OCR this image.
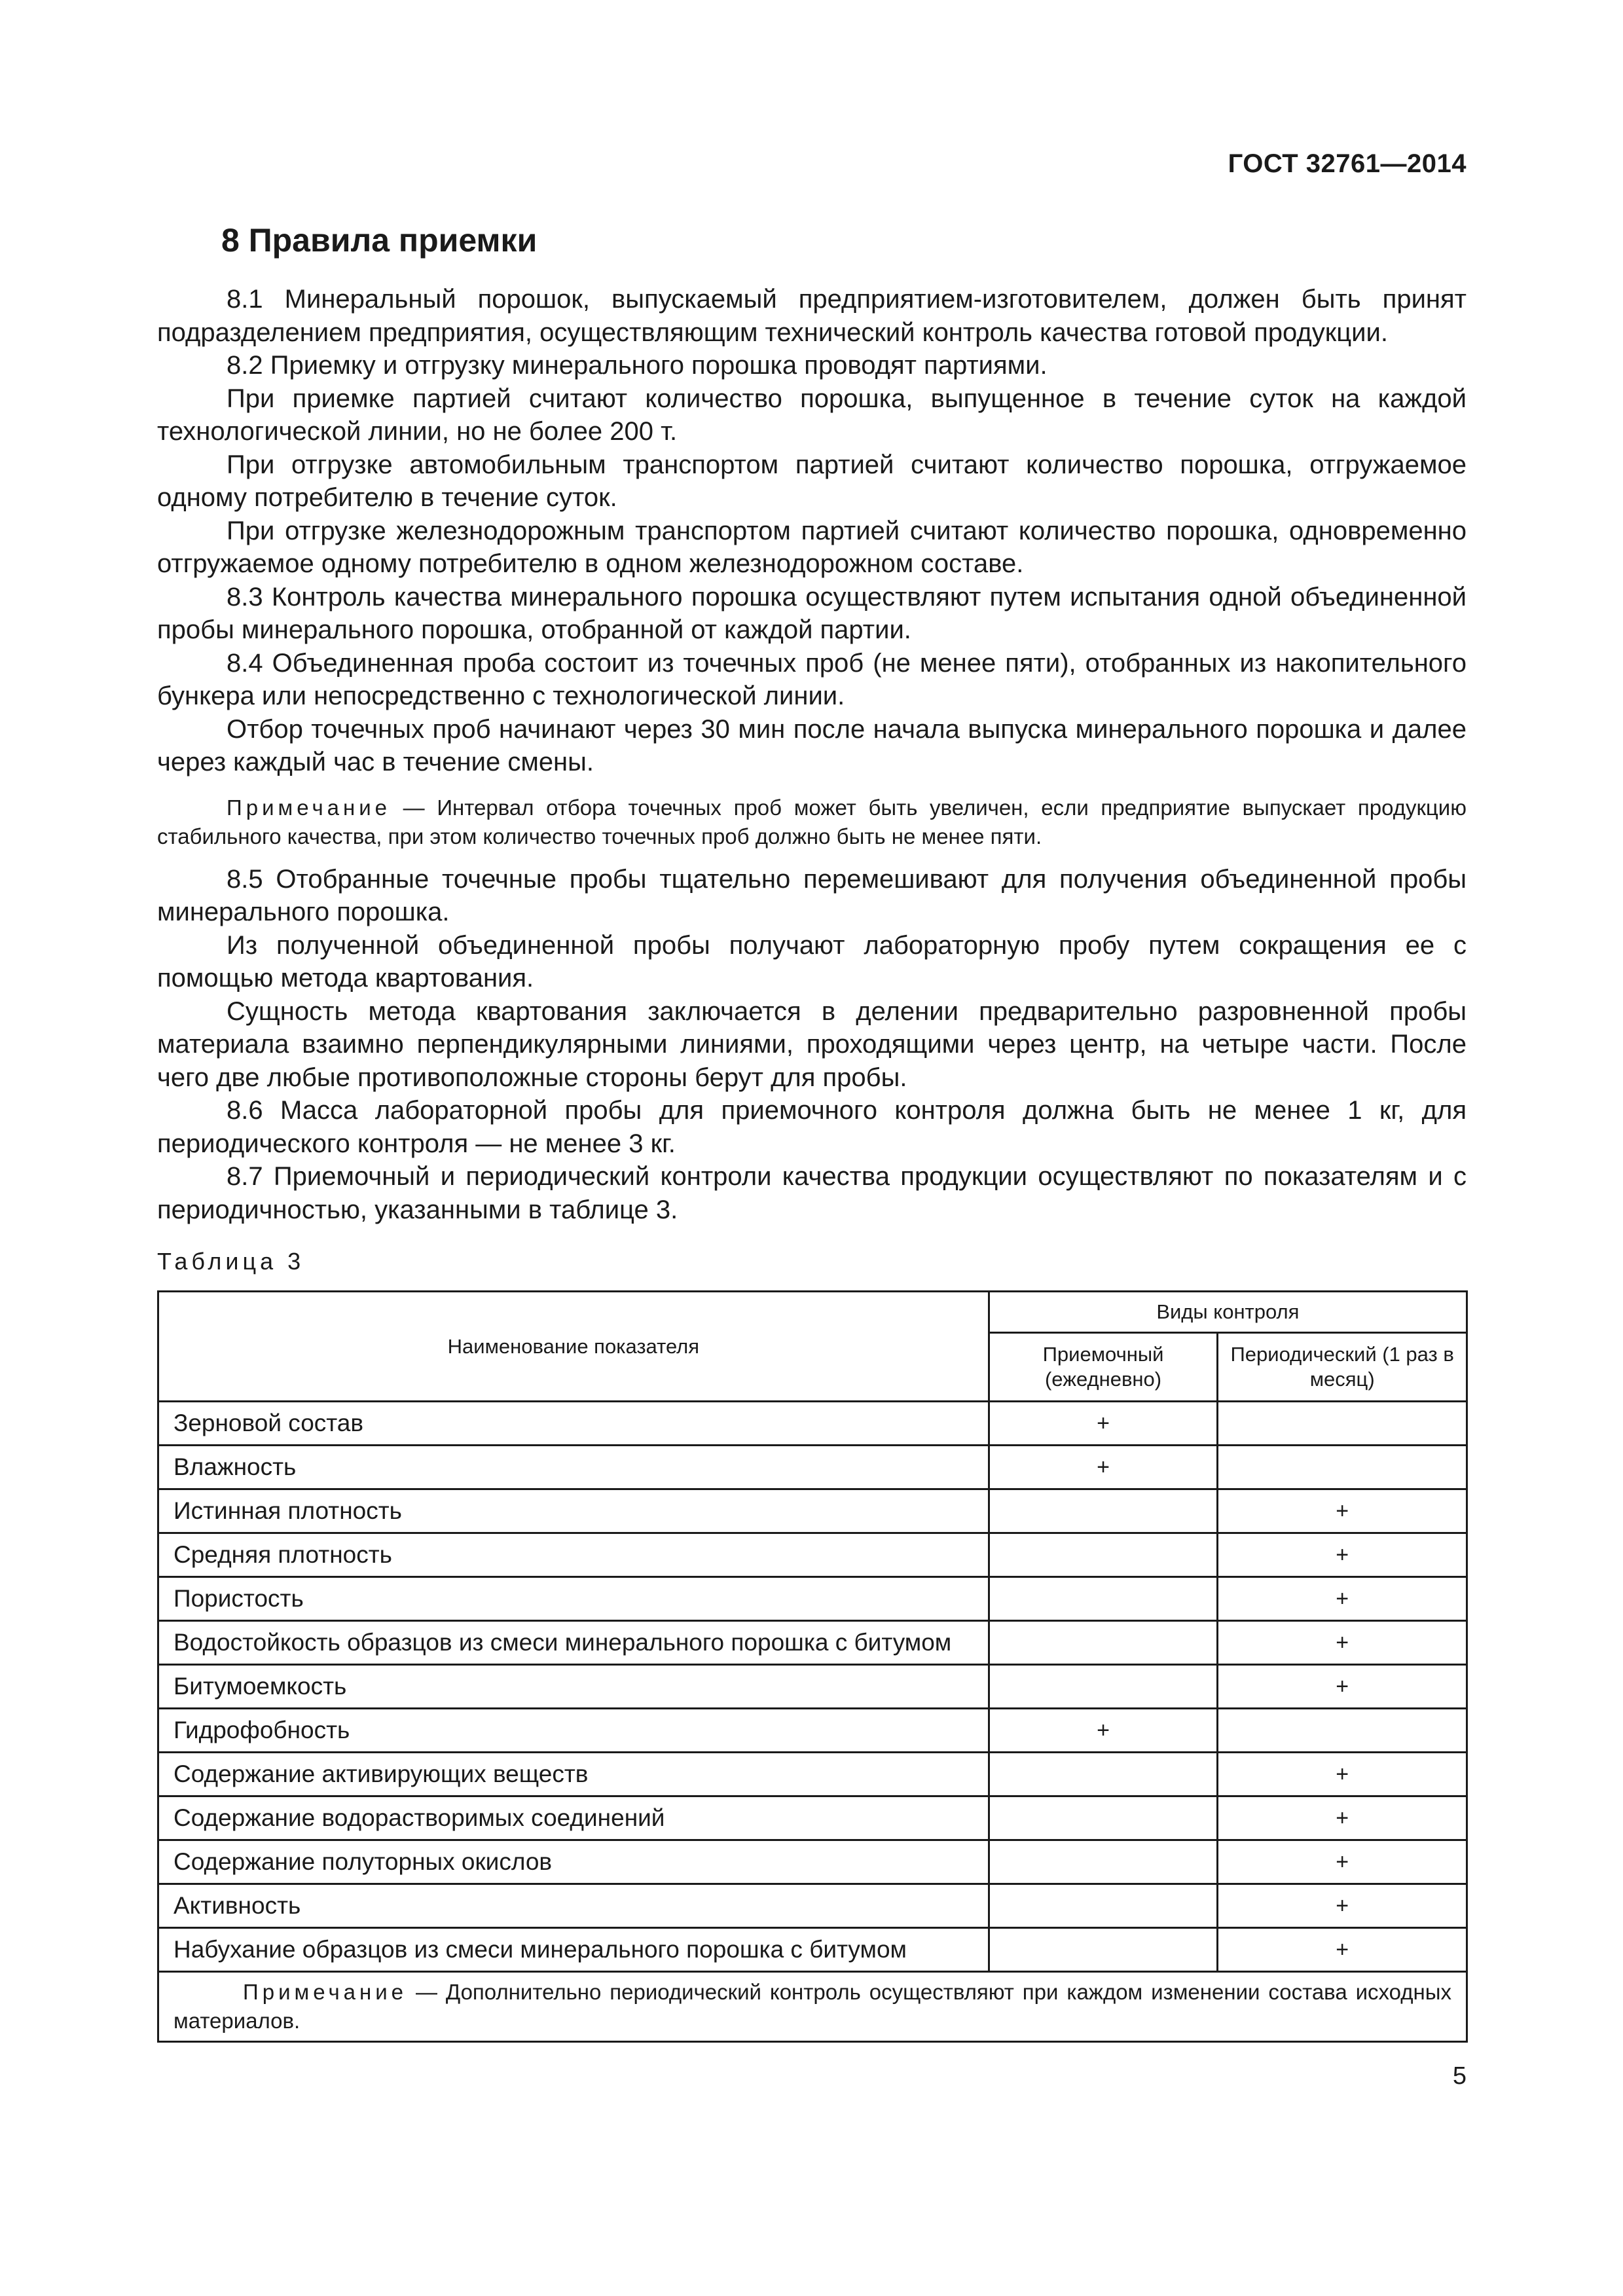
ГОСТ 32761—2014
8 Правила приемки

8.1 Минеральный порошок, выпускаемый предприятием-изготовителем, должен быть принят подразделением предприятия, осуществляющим технический контроль качества готовой продукции.

8.2 Приемку и отгрузку минерального порошка проводят партиями.

При приемке партией считают количество порошка, выпущенное в течение суток на каждой технологической линии, но не более 200 т.

При отгрузке автомобильным транспортом партией считают количество порошка, отгружаемое одному потребителю в течение суток.

При отгрузке железнодорожным транспортом партией считают количество порошка, одновременно отгружаемое одному потребителю в одном железнодорожном составе.

8.3 Контроль качества минерального порошка осуществляют путем испытания одной объединенной пробы минерального порошка, отобранной от каждой партии.

8.4 Объединенная проба состоит из точечных проб (не менее пяти), отобранных из накопительного бункера или непосредственно с технологической линии.

Отбор точечных проб начинают через 30 мин после начала выпуска минерального порошка и далее через каждый час в течение смены.

Примечание — Интервал отбора точечных проб может быть увеличен, если предприятие выпускает продукцию стабильного качества, при этом количество точечных проб должно быть не менее пяти.

8.5 Отобранные точечные пробы тщательно перемешивают для получения объединенной пробы минерального порошка.

Из полученной объединенной пробы получают лабораторную пробу путем сокращения ее с помощью метода квартования.

Сущность метода квартования заключается в делении предварительно разровненной пробы материала взаимно перпендикулярными линиями, проходящими через центр, на четыре части. После чего две любые противоположные стороны берут для пробы.

8.6 Масса лабораторной пробы для приемочного контроля должна быть не менее 1 кг, для периодического контроля — не менее 3 кг.

8.7 Приемочный и периодический контроли качества продукции осуществляют по показателям и с периодичностью, указанными в таблице 3.

Таблица 3
Наименование показателя	Виды контроля	
	Приемочный (ежедневно)	Периодический (1 раз в месяц)
Зерновой состав	+	
Влажность	+	
Истинная плотность		+
Средняя плотность		+
Пористость		+
Водостойкость образцов из смеси минерального порошка с битумом		+
Битумоемкость		+
Гидрофобность	+	
Содержание активирующих веществ		+
Содержание водорастворимых соединений		+
Содержание полуторных окислов		+
Активность		+
Набухание образцов из смеси минерального порошка с битумом		+
Примечание — Дополнительно периодический контроль осуществляют при каждом изменении состава исходных материалов.		
5
